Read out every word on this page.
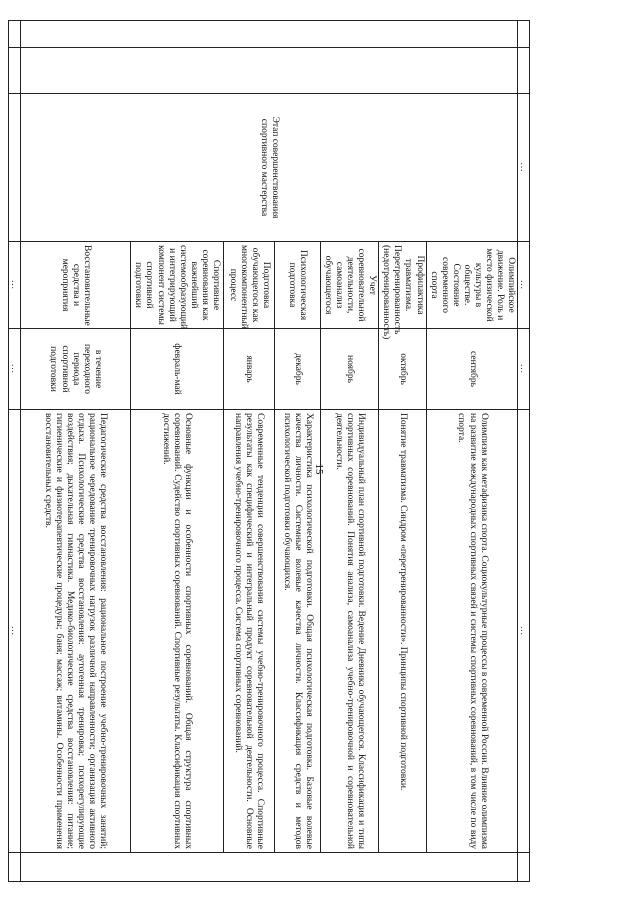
15
		...	...	...	...	
		Этап совершенствования спортивного мастерства	Олимпийское движение. Роль и место физической культуры в обществе. Состояние современного спорта	сентябрь	Олимпизм как метафизика спорта. Социокультурные процессы в современной России. Влияние олимпизма на развитие международных спортивных связей и системы спортивных соревнований, в том числе по виду спорта.	
			Профилактика травматизма. Перетренированность (недотренированность)	октябрь	Понятие травматизма. Синдром «перетренированности». Принципы спортивной подготовки.	
			Учет соревновательной деятельности, самоанализ обучающегося	ноябрь	Индивидуальный план спортивной подготовки. Ведение Дневника обучающегося. Классификация и типы спортивных соревнований. Понятия анализа, самоанализа учебно-тренировочной и соревновательной деятельности.	
			Психологическая подготовка	декабрь	Характеристика психологической подготовки. Общая психологическая подготовка. Базовые волевые качества личности. Системные волевые качества личности. Классификация средств и методов психологической подготовки обучающихся.	
			Подготовка обучающегося как многокомпонентный процесс	январь	Современные тенденции совершенствования системы учебно-тренировочного процесса. Спортивные результаты как специфический и интегральный продукт соревновательной деятельности. Основные направления учебно-тренировочного процесса. Система спортивных соревнований.	
			Спортивные соревнования как важнейший системообразующий и интегрирующий компонент системы спортивной подготовки	февраль-май	Основные функции и особенности спортивных соревнований. Общая структура спортивных соревнований. Судейство спортивных соревнований. Спортивные результаты. Классификация спортивных достижений.	
			Восстановительные средства и мероприятия	в течение переходного периода спортивной подготовки	Педагогические средства восстановления: рациональное построение учебно-тренировочных занятий; рациональное чередование тренировочных нагрузок различной направленности; организация активного отдыха. Психологические средства восстановления: аутогенная тренировка; психорегулирующие воздействия; дыхательная гимнастика. Медико-биологические средства восстановления: питание; гигиенические и физиотерапевтические процедуры; баня; массаж; витамины. Особенности применения восстановительных средств.	
			...	...	...	
